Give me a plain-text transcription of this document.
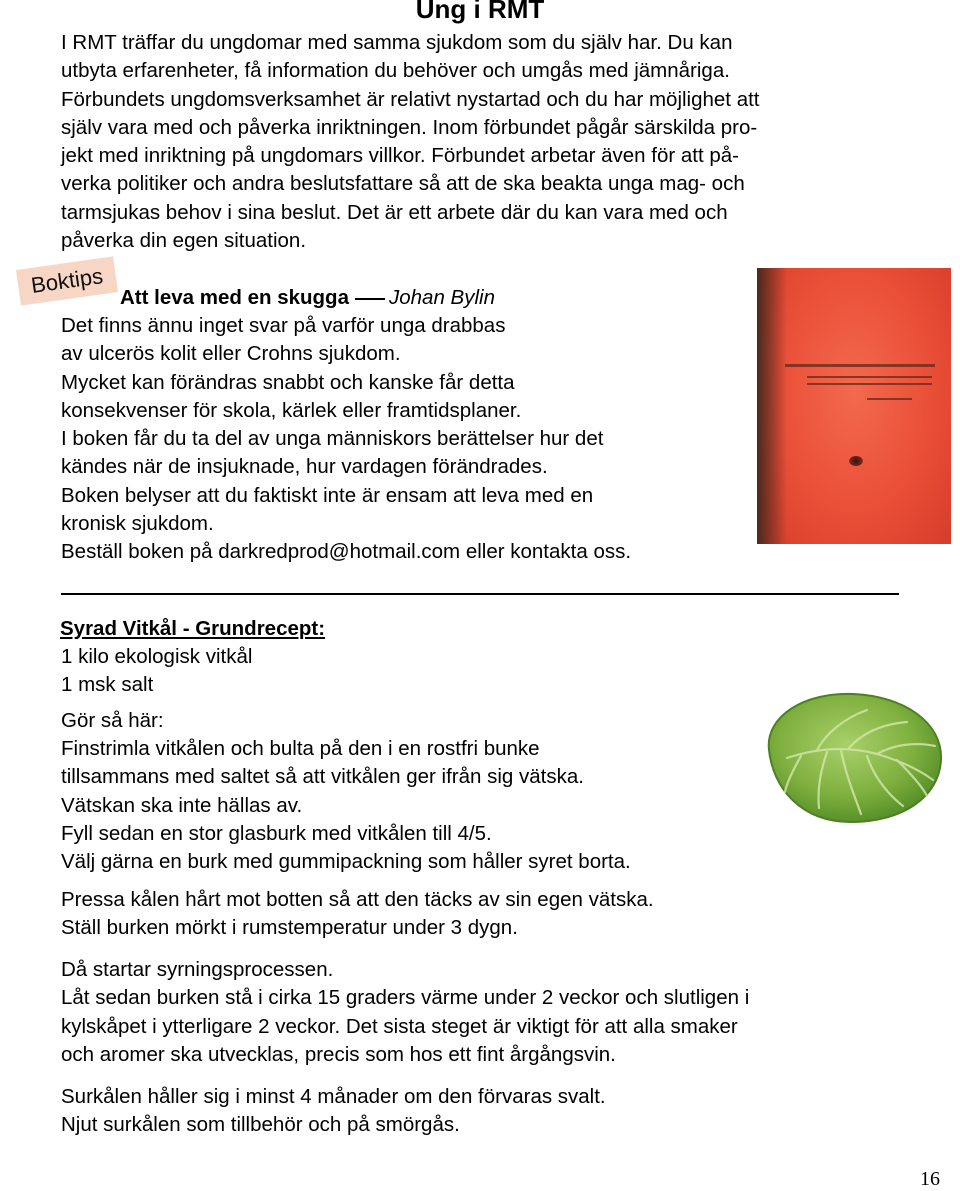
Ung i RMT
I RMT träffar du ungdomar med samma sjukdom som du själv har. Du kan
utbyta erfarenheter, få information du behöver och umgås med jämnåriga.
Förbundets ungdomsverksamhet är relativt nystartad och du har möjlighet att
själv vara med och påverka inriktningen. Inom förbundet pågår särskilda pro-
jekt med inriktning på ungdomars villkor. Förbundet arbetar även för att på-
verka politiker och andra beslutsfattare så att de ska beakta unga mag- och
tarmsjukas behov i sina beslut. Det är ett arbete där du kan vara med och
påverka din egen situation.
Boktips Att leva med en skugga Johan Bylin
Det finns ännu inget svar på varför unga drabbas
av ulcerös kolit eller Crohns sjukdom.
Mycket kan förändras snabbt och kanske får detta
konsekvenser för skola, kärlek eller framtidsplaner.
I boken får du ta del av unga människors berättelser hur det
kändes när de insjuknade, hur vardagen förändrades.
Boken belyser att du faktiskt inte är ensam att leva med en
kronisk sjukdom.
Beställ boken på darkredprod@hotmail.com eller kontakta oss.
Syrad Vitkål - Grundrecept:
1 kilo ekologisk vitkål
1 msk salt
Gör så här:
Finstrimla vitkålen och bulta på den i en rostfri bunke
tillsammans med saltet så att vitkålen ger ifrån sig vätska.
Vätskan ska inte hällas av.
Fyll sedan en stor glasburk med vitkålen till 4/5.
Välj gärna en burk med gummipackning som håller syret borta.
Pressa kålen hårt mot botten så att den täcks av sin egen vätska.
Ställ burken mörkt i rumstemperatur under 3 dygn.
Då startar syrningsprocessen.
Låt sedan burken stå i cirka 15 graders värme under 2 veckor och slutligen i
kylskåpet i ytterligare 2 veckor. Det sista steget är viktigt för att alla smaker
och aromer ska utvecklas, precis som hos ett fint årgångsvin.
Surkålen håller sig i minst 4 månader om den förvaras svalt.
Njut surkålen som tillbehör och på smörgås.
16
